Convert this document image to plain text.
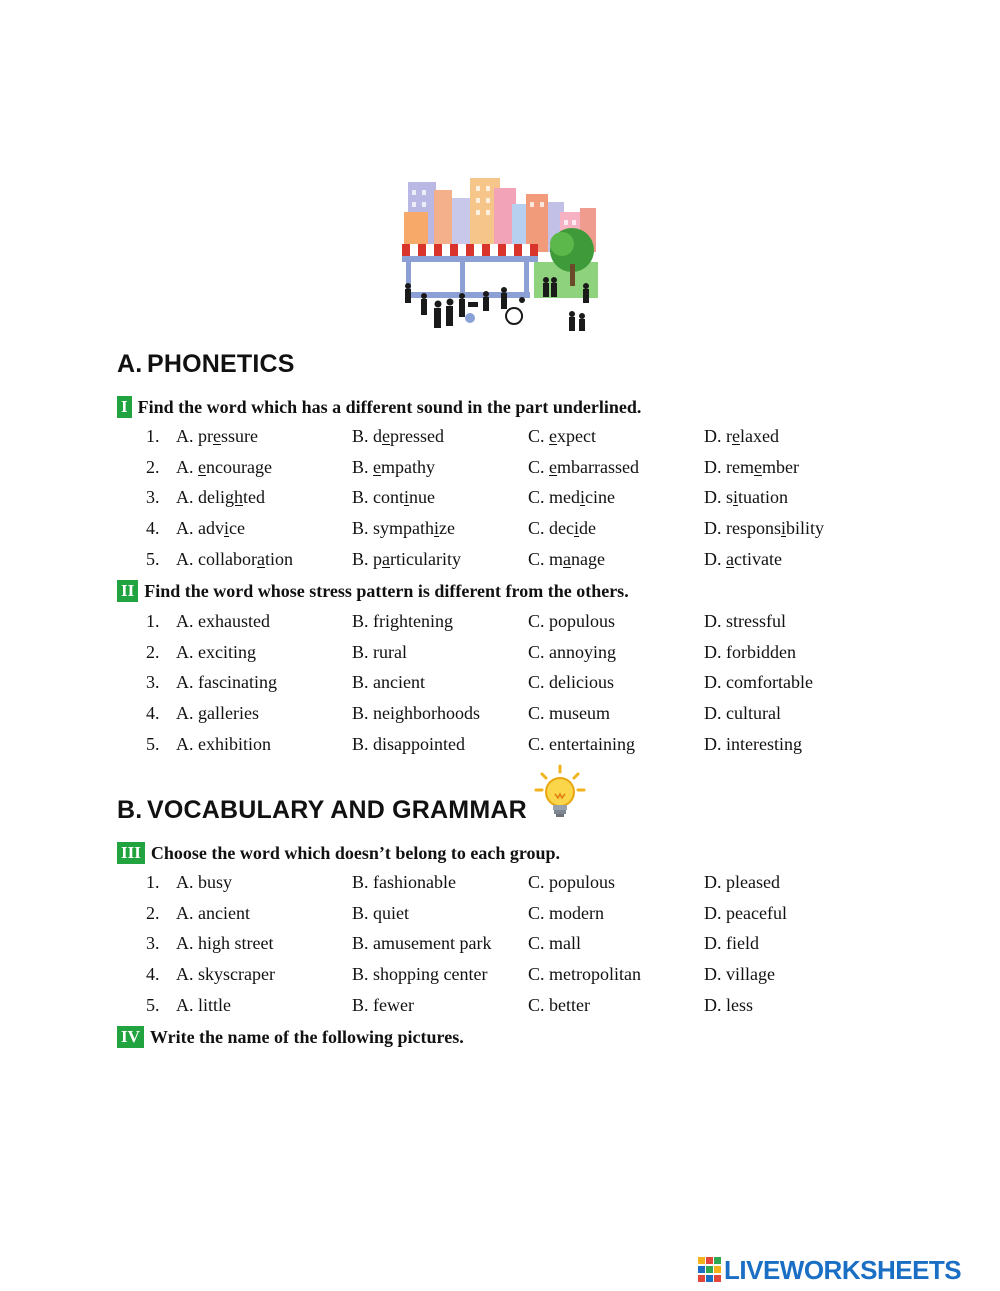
A. PHONETICS
B. VOCABULARY AND GRAMMAR
I Find the word which has a different sound in the part underlined.
II Find the word whose stress pattern is different from the others.
III Choose the word which doesn’t belong to each group.
IV Write the name of the following pictures.
1. A. pressure	B. depressed	C. expect	D. relaxed
2. A. encourage	B. empathy	C. embarrassed	D. remember
3. A. delighted	B. continue	C. medicine	D. situation
4. A. advice	B. sympathize	C. decide	D. responsibility
5. A. collaboration	B. particularity	C. manage	D. activate
1. A. exhausted	B. frightening	C. populous	D. stressful
2. A. exciting	B. rural	C. annoying	D. forbidden
3. A. fascinating	B. ancient	C. delicious	D. comfortable
4. A. galleries	B. neighborhoods	C. museum	D. cultural
5. A. exhibition	B. disappointed	C. entertaining	D. interesting
1. A. busy	B. fashionable	C. populous	D. pleased
2. A. ancient	B. quiet	C. modern	D. peaceful
3. A. high street	B. amusement park C. mall	D. field
4. A. skyscraper	B. shopping center C. metropolitan	D. village
5. A. little	B. fewer	C. better	D. less
LIVEWORKSHEETS
